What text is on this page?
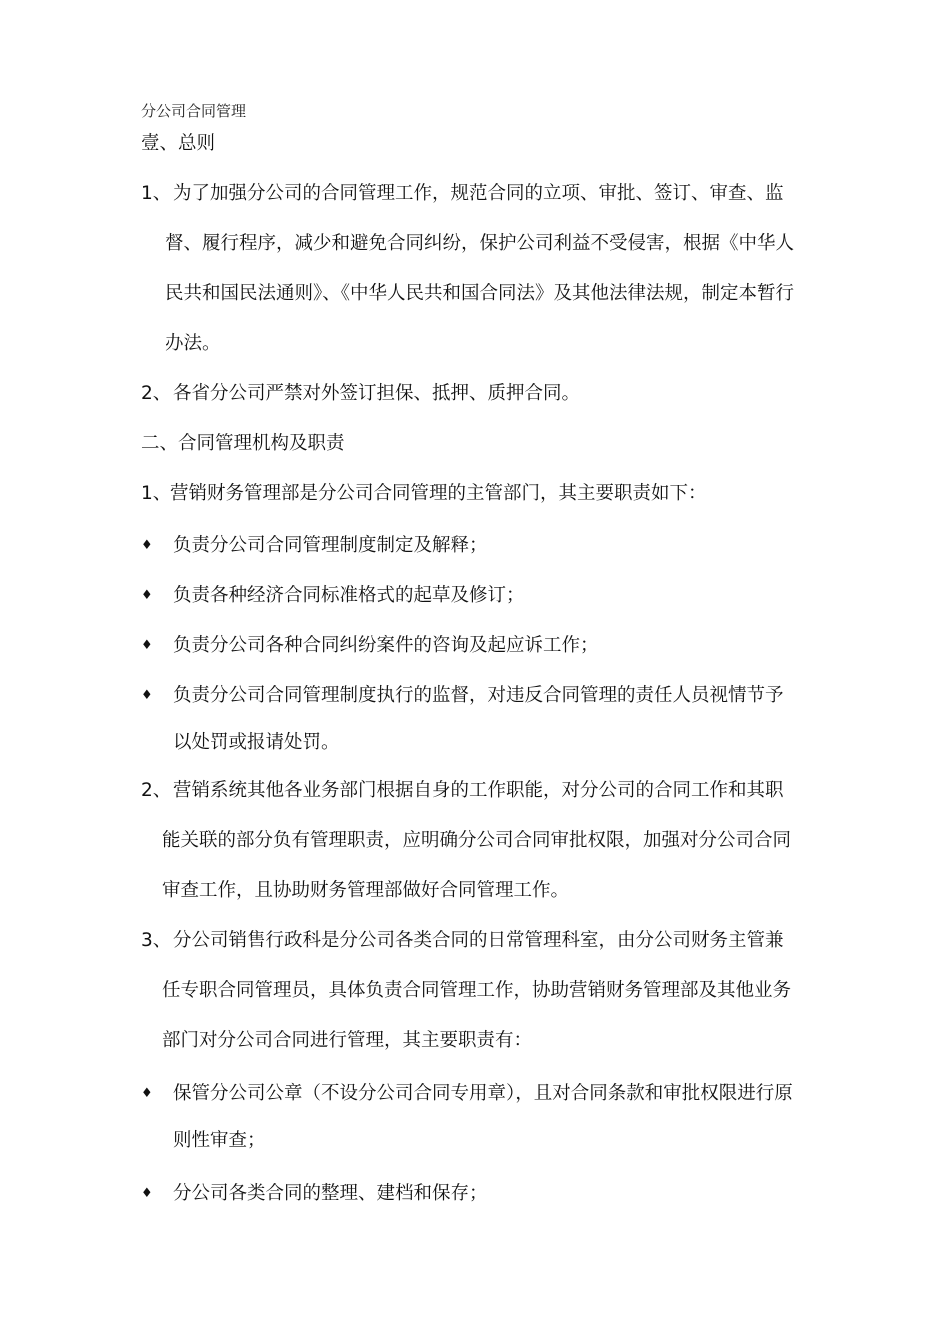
分公司合同管理
壹、总则
1、 为了加强分公司的合同管理工作，规范合同的立项、审批、签订、审查、监
督、履行程序，减少和避免合同纠纷，保护公司利益不受侵害，根据《中华人
民共和国民法通则》、《中华人民共和国合同法》及其他法律法规，制定本暂行
办法。
2、 各省分公司严禁对外签订担保、抵押、质押合同。
二、合同管理机构及职责
1、
营销财务管理部是分公司合同管理的主管部门，其主要职责如下：
♦ 负责分公司合同管理制度制定及解释；
♦ 负责各种经济合同标准格式的起草及修订；
♦ 负责分公司各种合同纠纷案件的咨询及起应诉工作；
♦ 负责分公司合同管理制度执行的监督，对违反合同管理的责任人员视情节予
以处罚或报请处罚。
2、 营销系统其他各业务部门根据自身的工作职能，对分公司的合同工作和其职
能关联的部分负有管理职责，应明确分公司合同审批权限，加强对分公司合同
审查工作，且协助财务管理部做好合同管理工作。
3、 分公司销售行政科是分公司各类合同的日常管理科室，由分公司财务主管兼
任专职合同管理员，具体负责合同管理工作，协助营销财务管理部及其他业务
部门对分公司合同进行管理，其主要职责有：
♦ 保管分公司公章（不设分公司合同专用章），且对合同条款和审批权限进行原
则性审查；
♦ 分公司各类合同的整理、建档和保存；
